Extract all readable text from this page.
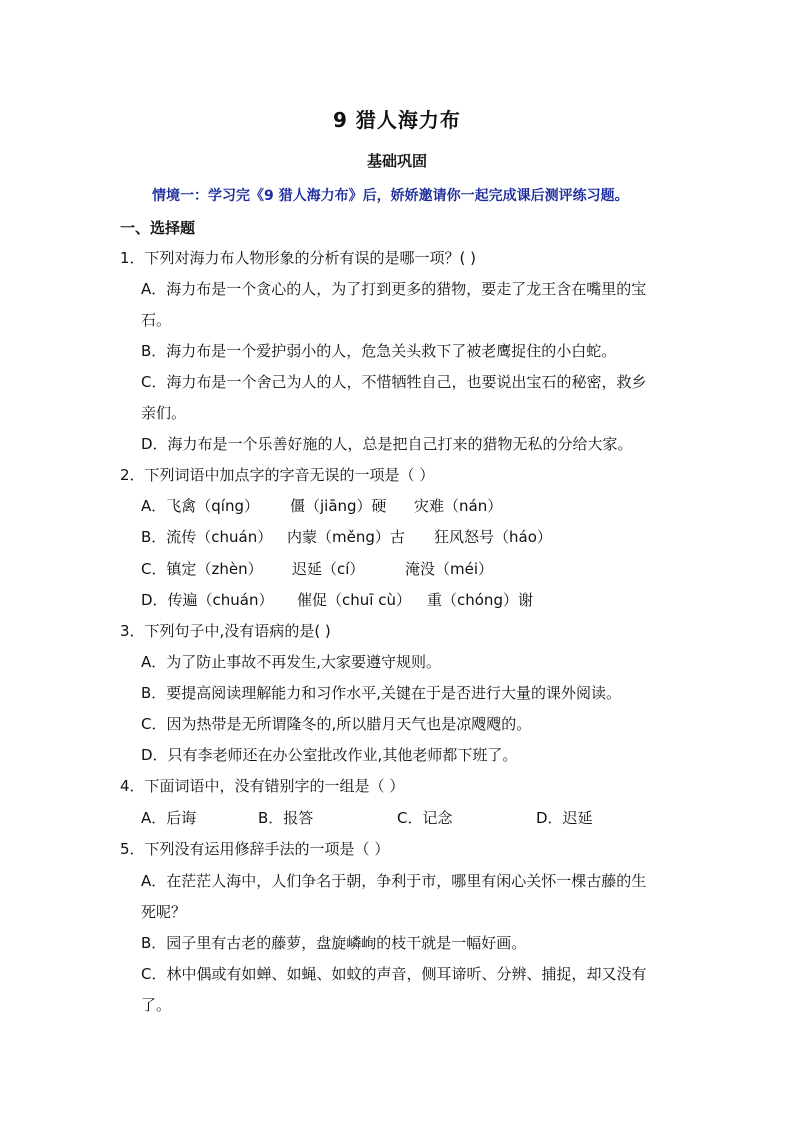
9 猎人海力布
基础巩固
情境一：学习完《9 猎人海力布》后，娇娇邀请你一起完成课后测评练习题。
一、选择题
1．下列对海力布人物形象的分析有误的是哪一项？( )
A．海力布是一个贪心的人，为了打到更多的猎物，要走了龙王含在嘴里的宝
石。
B．海力布是一个爱护弱小的人，危急关头救下了被老鹰捉住的小白蛇。
C．海力布是一个舍己为人的人，不惜牺牲自己，也要说出宝石的秘密，救乡
亲们。
D．海力布是一个乐善好施的人，总是把自己打来的猎物无私的分给大家。
2．下列词语中加点字的字音无误的一项是（ ）
A．飞禽（qíng） 僵（jiāng）硬 灾难（nán）
B．流传（chuán） 内蒙（měng）古 狂风怒号（háo）
C．镇定（zhèn） 迟延（cí）	淹没（méi）
D．传遍（chuán） 催促（chuī cù） 重（chóng）谢
3．下列句子中,没有语病的是( )
A．为了防止事故不再发生,大家要遵守规则。
B．要提高阅读理解能力和习作水平,关键在于是否进行大量的课外阅读。
C．因为热带是无所谓隆冬的,所以腊月天气也是凉飕飕的。
D．只有李老师还在办公室批改作业,其他老师都下班了。
4．下面词语中，没有错别字的一组是（ ）
A．后诲	B．报答	C．记念	D．迟延
5．下列没有运用修辞手法的一项是（ ）
A．在茫茫人海中，人们争名于朝，争利于市，哪里有闲心关怀一棵古藤的生
死呢？
B．园子里有古老的藤萝，盘旋嶙峋的枝干就是一幅好画。
C．林中偶或有如蝉、如蝇、如蚊的声音，侧耳谛听、分辨、捕捉，却又没有
了。
